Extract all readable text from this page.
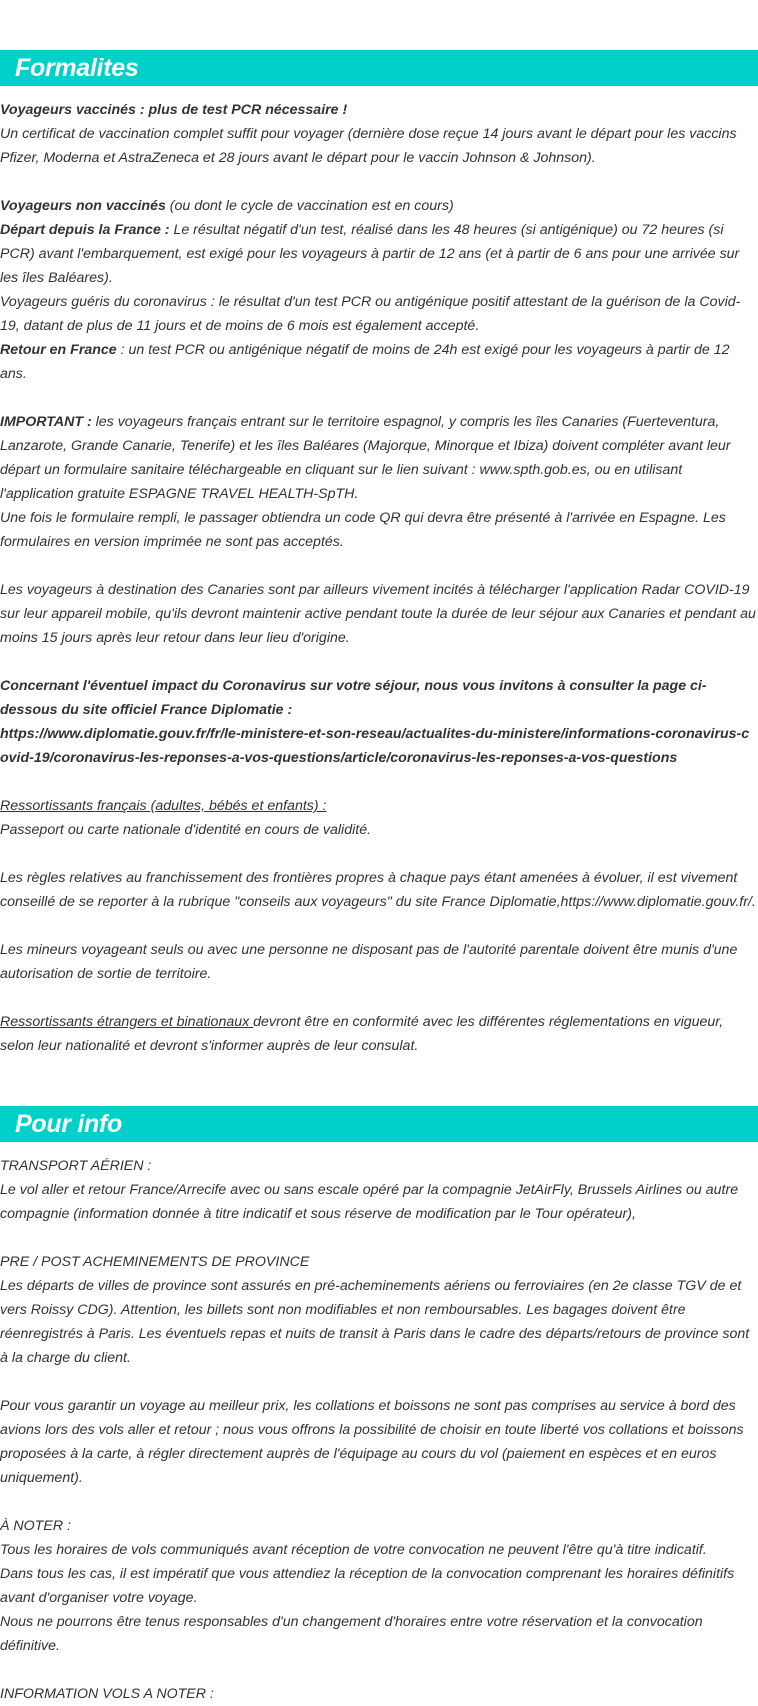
Formalites

Voyageurs vaccinés : plus de test PCR nécessaire !
Un certificat de vaccination complet suffit pour voyager (dernière dose reçue 14 jours avant le départ pour les vaccins Pfizer, Moderna et AstraZeneca et 28 jours avant le départ pour le vaccin Johnson & Johnson).

Voyageurs non vaccinés (ou dont le cycle de vaccination est en cours)
Départ depuis la France : Le résultat négatif d'un test, réalisé dans les 48 heures (si antigénique) ou 72 heures (si PCR) avant l'embarquement, est exigé pour les voyageurs à partir de 12 ans (et à partir de 6 ans pour une arrivée sur les îles Baléares).
Voyageurs guéris du coronavirus : le résultat d'un test PCR ou antigénique positif attestant de la guérison de la Covid-19, datant de plus de 11 jours et de moins de 6 mois est également accepté.
Retour en France : un test PCR ou antigénique négatif de moins de 24h est exigé pour les voyageurs à partir de 12 ans.

IMPORTANT : les voyageurs français entrant sur le territoire espagnol, y compris les îles Canaries (Fuerteventura, Lanzarote, Grande Canarie, Tenerife) et les îles Baléares (Majorque, Minorque et Ibiza) doivent compléter avant leur départ un formulaire sanitaire téléchargeable en cliquant sur le lien suivant : www.spth.gob.es, ou en utilisant l'application gratuite ESPAGNE TRAVEL HEALTH-SpTH.
Une fois le formulaire rempli, le passager obtiendra un code QR qui devra être présenté à l'arrivée en Espagne. Les formulaires en version imprimée ne sont pas acceptés.

Les voyageurs à destination des Canaries sont par ailleurs vivement incités à télécharger l'application Radar COVID-19 sur leur appareil mobile, qu'ils devront maintenir active pendant toute la durée de leur séjour aux Canaries et pendant au moins 15 jours après leur retour dans leur lieu d'origine.

Concernant l'éventuel impact du Coronavirus sur votre séjour, nous vous invitons à consulter la page ci-dessous du site officiel France Diplomatie :
https://www.diplomatie.gouv.fr/fr/le-ministere-et-son-reseau/actualites-du-ministere/informations-coronavirus-covid-19/coronavirus-les-reponses-a-vos-questions/article/coronavirus-les-reponses-a-vos-questions

Ressortissants français (adultes, bébés et enfants) :
Passeport ou carte nationale d'identité en cours de validité.

Les règles relatives au franchissement des frontières propres à chaque pays étant amenées à évoluer, il est vivement conseillé de se reporter à la rubrique "conseils aux voyageurs" du site France Diplomatie,https://www.diplomatie.gouv.fr/.

Les mineurs voyageant seuls ou avec une personne ne disposant pas de l'autorité parentale doivent être munis d'une autorisation de sortie de territoire.

Ressortissants étrangers et binationaux devront être en conformité avec les différentes réglementations en vigueur, selon leur nationalité et devront s'informer auprès de leur consulat.

Pour info

TRANSPORT AÉRIEN :
Le vol aller et retour France/Arrecife avec ou sans escale opéré par la compagnie JetAirFly, Brussels Airlines ou autre compagnie (information donnée à titre indicatif et sous réserve de modification par le Tour opérateur),

PRE / POST ACHEMINEMENTS DE PROVINCE
Les départs de villes de province sont assurés en pré-acheminements aériens ou ferroviaires (en 2e classe TGV de et vers Roissy CDG). Attention, les billets sont non modifiables et non remboursables. Les bagages doivent être réenregistrés à Paris. Les éventuels repas et nuits de transit à Paris dans le cadre des départs/retours de province sont à la charge du client.

Pour vous garantir un voyage au meilleur prix, les collations et boissons ne sont pas comprises au service à bord des avions lors des vols aller et retour ; nous vous offrons la possibilité de choisir en toute liberté vos collations et boissons proposées à la carte, à régler directement auprès de l'équipage au cours du vol (paiement en espèces et en euros uniquement).

À NOTER :
Tous les horaires de vols communiqués avant réception de votre convocation ne peuvent l'être qu'à titre indicatif.
Dans tous les cas, il est impératif que vous attendiez la réception de la convocation comprenant les horaires définitifs avant d'organiser votre voyage.
Nous ne pourrons être tenus responsables d'un changement d'horaires entre votre réservation et la convocation définitive.

INFORMATION VOLS A NOTER :
